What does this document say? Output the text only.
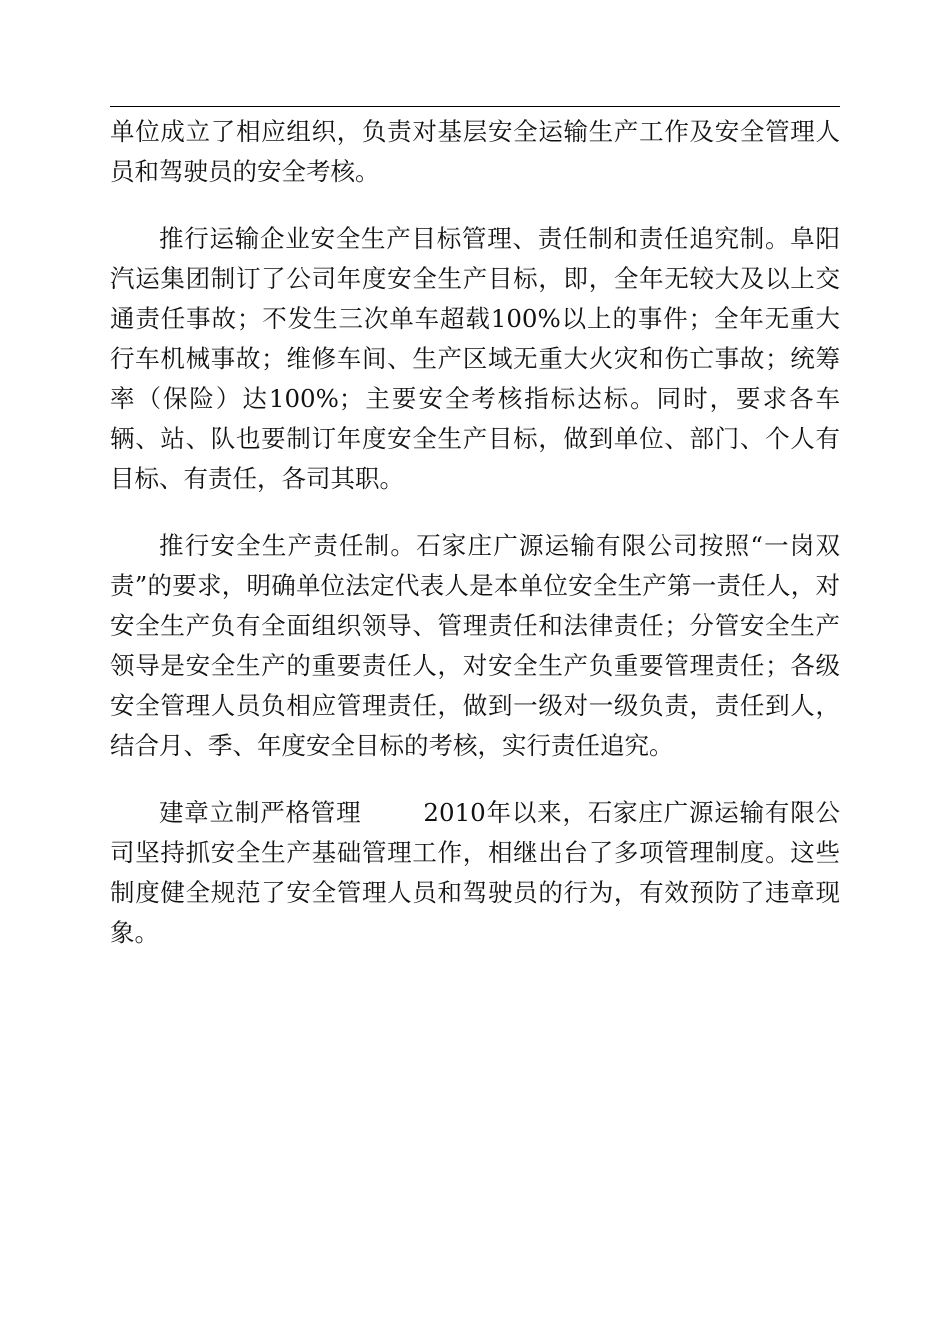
单位成立了相应组织，负责对基层安全运输生产工作及安全管理人员和驾驶员的安全考核。

推行运输企业安全生产目标管理、责任制和责任追究制。阜阳汽运集团制订了公司年度安全生产目标，即，全年无较大及以上交通责任事故；不发生三次单车超载100%以上的事件；全年无重大行车机械事故；维修车间、生产区域无重大火灾和伤亡事故；统筹率（保险）达100%；主要安全考核指标达标。同时，要求各车辆、站、队也要制订年度安全生产目标，做到单位、部门、个人有目标、有责任，各司其职。

推行安全生产责任制。石家庄广源运输有限公司按照“一岗双责”的要求，明确单位法定代表人是本单位安全生产第一责任人，对安全生产负有全面组织领导、管理责任和法律责任；分管安全生产领导是安全生产的重要责任人，对安全生产负重要管理责任；各级安全管理人员负相应管理责任，做到一级对一级负责，责任到人，结合月、季、年度安全目标的考核，实行责任追究。

建章立制严格管理	2010年以来，石家庄广源运输有限公司坚持抓安全生产基础管理工作，相继出台了多项管理制度。这些制度健全规范了安全管理人员和驾驶员的行为，有效预防了违章现象。
